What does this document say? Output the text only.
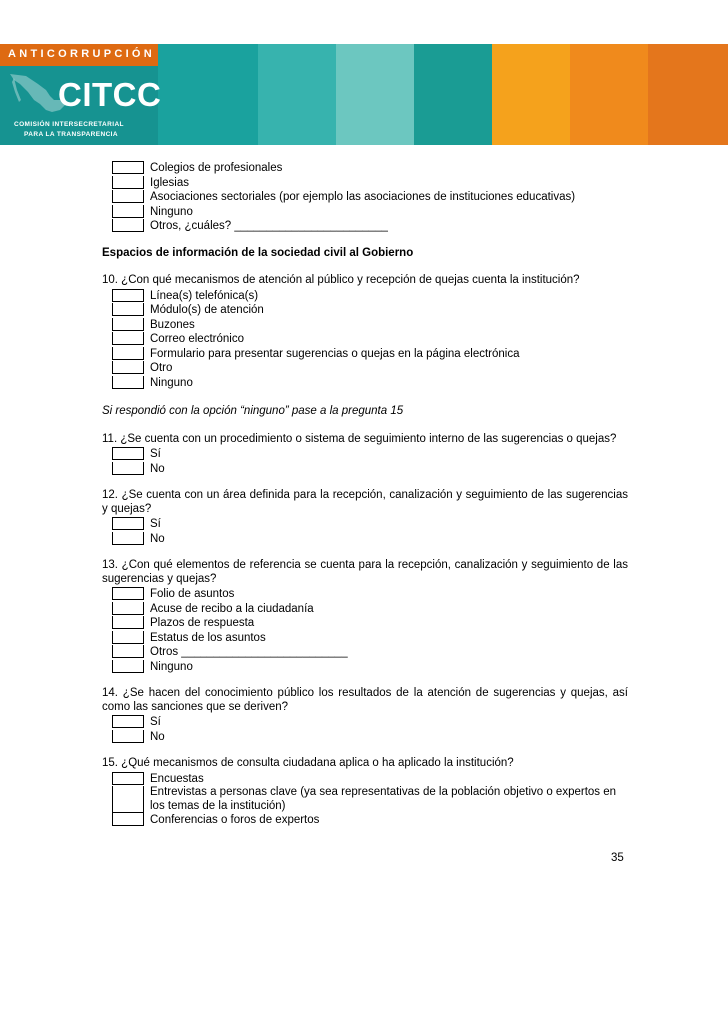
ANTICORRUPCIÓN
CITCC
COMISIÓN INTERSECRETARIAL
PARA LA TRANSPARENCIA
Colegios de profesionales
Iglesias
Asociaciones sectoriales (por ejemplo las asociaciones de instituciones educativas)
Ninguno
Otros, ¿cuáles? ________________________
Espacios de información de la sociedad civil al Gobierno
10. ¿Con qué mecanismos de atención al público y recepción de quejas cuenta la institución?
Línea(s) telefónica(s)
Módulo(s) de atención
Buzones
Correo electrónico
Formulario para presentar sugerencias o quejas en la página electrónica
Otro
Ninguno
Si respondió con la opción “ninguno” pase a la pregunta 15
11. ¿Se cuenta con un procedimiento o sistema de seguimiento interno de las sugerencias o quejas?
Sí
No
12. ¿Se cuenta con un área definida para la recepción, canalización y seguimiento de las sugerencias y quejas?
Sí
No
13. ¿Con qué elementos de referencia se cuenta para la recepción, canalización y seguimiento de las sugerencias y quejas?
Folio de asuntos
Acuse de recibo a la ciudadanía
Plazos de respuesta
Estatus de los asuntos
Otros __________________________
Ninguno
14. ¿Se hacen del conocimiento público los resultados de la atención de sugerencias y quejas, así como las sanciones que se deriven?
Sí
No
15. ¿Qué mecanismos de consulta ciudadana aplica o ha aplicado la institución?
Encuestas
Entrevistas a personas clave (ya sea representativas de la población objetivo o expertos en los temas de la institución)
Conferencias o foros de expertos
35
